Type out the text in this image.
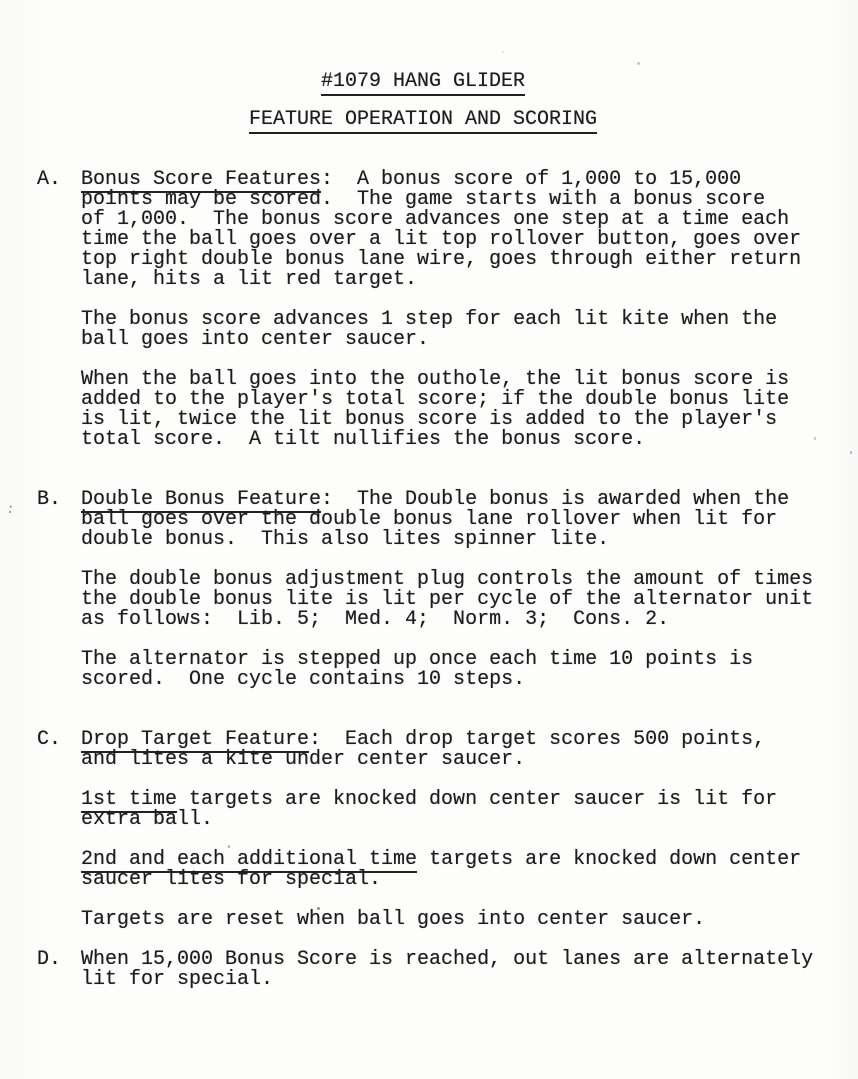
:
#1079 HANG GLIDER
FEATURE OPERATION AND SCORING
A. Bonus Score Features:  A bonus score of 1,000 to 15,000
points may be scored.  The game starts with a bonus score
of 1,000.  The bonus score advances one step at a time each
time the ball goes over a lit top rollover button, goes over
top right double bonus lane wire, goes through either return
lane, hits a lit red target.

The bonus score advances 1 step for each lit kite when the
ball goes into center saucer.

When the ball goes into the outhole, the lit bonus score is
added to the player's total score; if the double bonus lite
is lit, twice the lit bonus score is added to the player's
total score.  A tilt nullifies the bonus score.

B. Double Bonus Feature:  The Double bonus is awarded when the
ball goes over the double bonus lane rollover when lit for
double bonus.  This also lites spinner lite.

The double bonus adjustment plug controls the amount of times
the double bonus lite is lit per cycle of the alternator unit
as follows:  Lib. 5;  Med. 4;  Norm. 3;  Cons. 2.

The alternator is stepped up once each time 10 points is
scored.  One cycle contains 10 steps.

C. Drop Target Feature:  Each drop target scores 500 points,
and lites a kite under center saucer.

1st time targets are knocked down center saucer is lit for
extra ball.

2nd and each additional time targets are knocked down center
saucer lites for special.

Targets are reset when ball goes into center saucer.

D. When 15,000 Bonus Score is reached, out lanes are alternately
lit for special.
